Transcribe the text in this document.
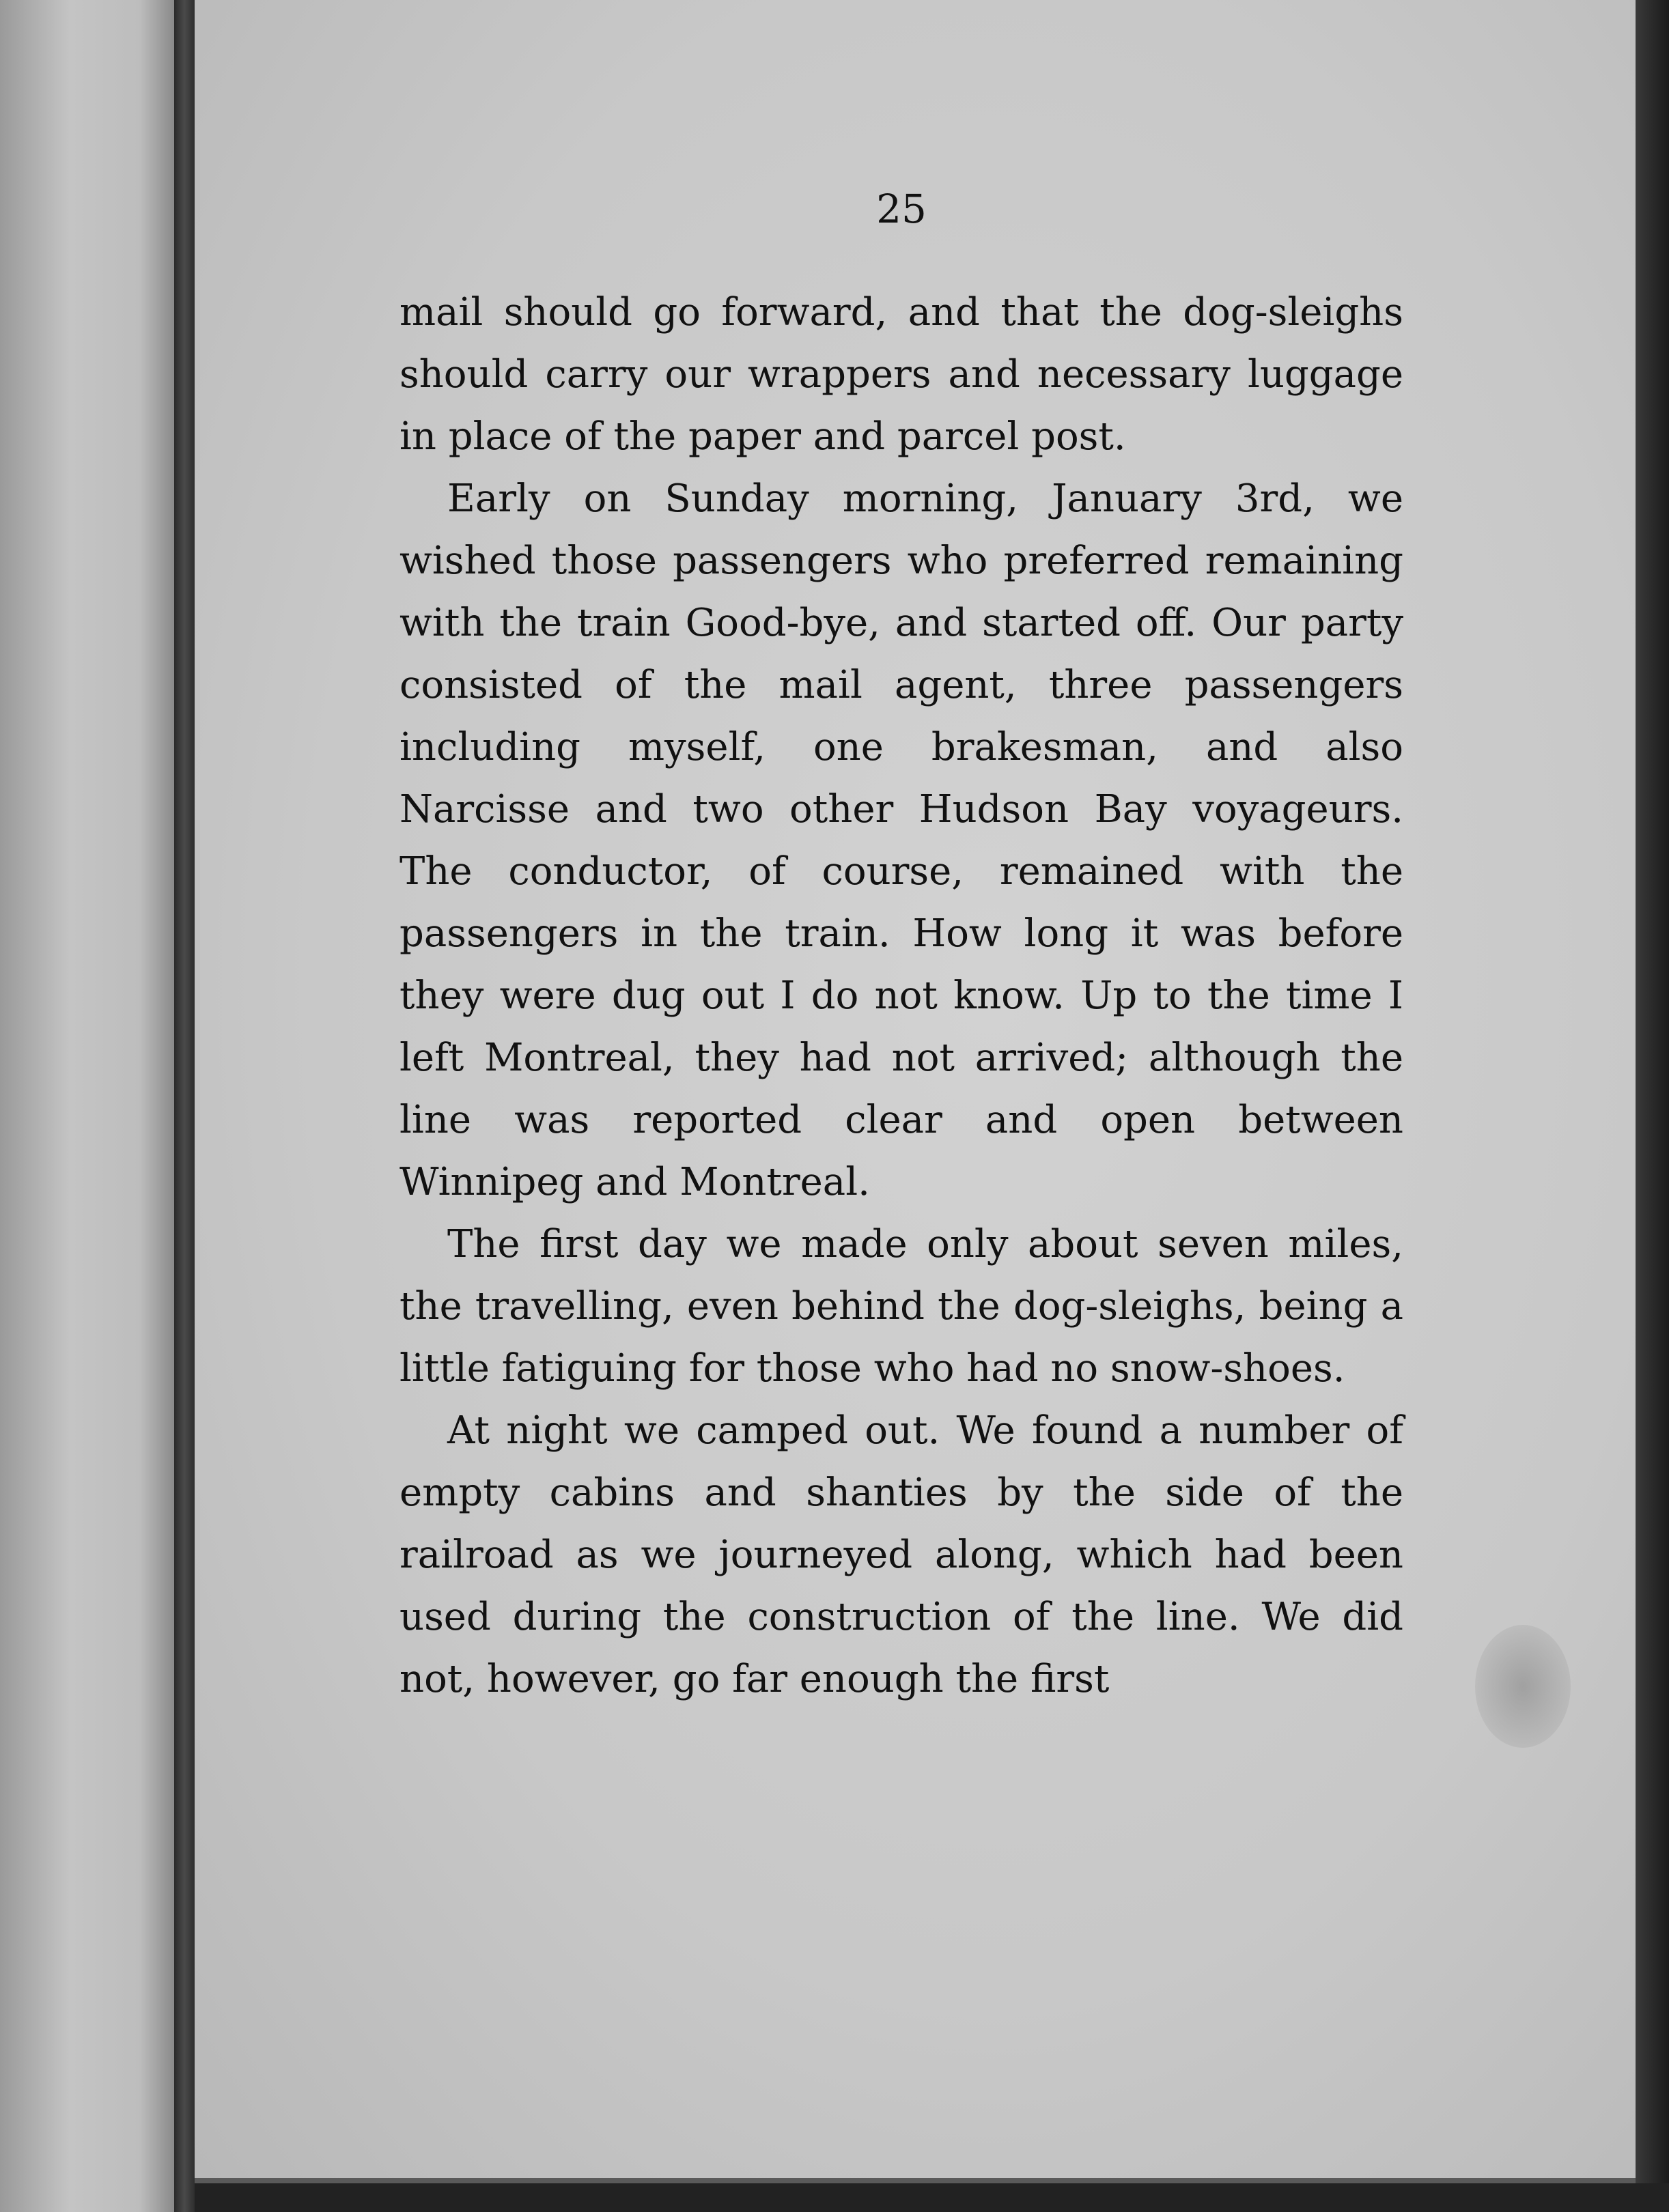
25

mail should go forward, and that the dog-sleighs should carry our wrappers and necessary luggage in place of the paper and parcel post.

Early on Sunday morning, January 3rd, we wished those passengers who preferred remaining with the train Good-bye, and started off. Our party consisted of the mail agent, three passengers including myself, one brakesman, and also Narcisse and two other Hudson Bay voyageurs. The conductor, of course, remained with the passengers in the train. How long it was before they were dug out I do not know. Up to the time I left Montreal, they had not arrived; although the line was reported clear and open between Winnipeg and Montreal.

The first day we made only about seven miles, the travelling, even behind the dog-sleighs, being a little fatiguing for those who had no snow-shoes.

At night we camped out. We found a number of empty cabins and shanties by the side of the railroad as we journeyed along, which had been used during the construction of the line. We did not, however, go far enough the first
